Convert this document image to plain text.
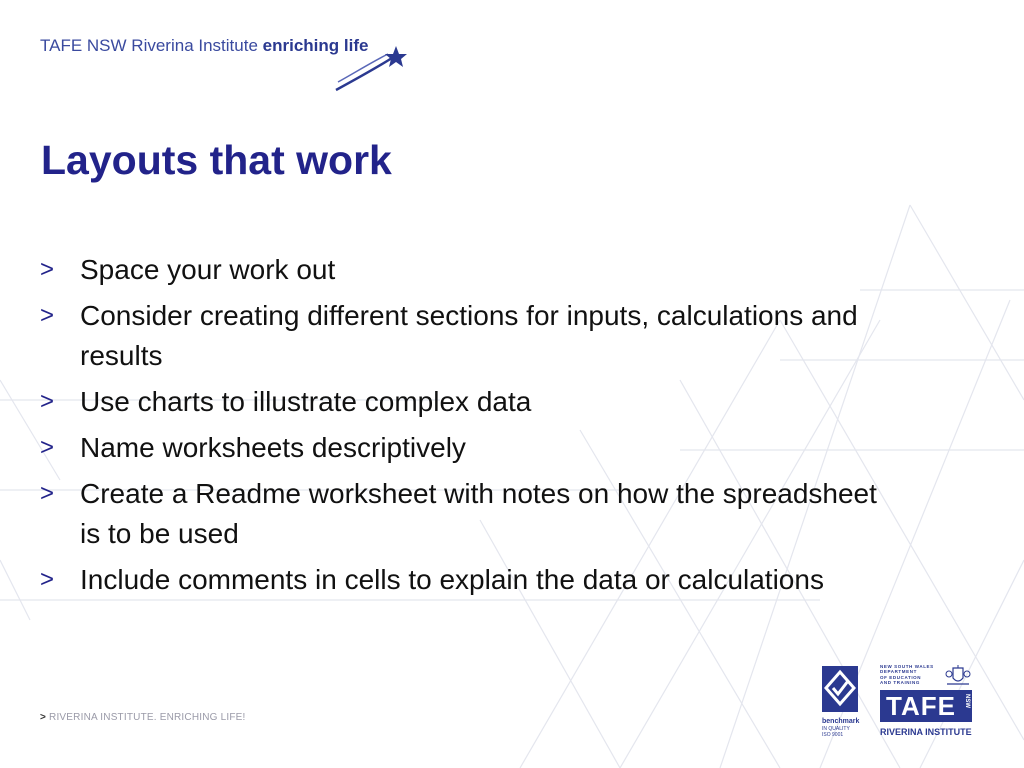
TAFE NSW Riverina Institute enriching life
Layouts that work
> Space your work out
> Consider creating different sections for inputs, calculations and results
> Use charts to illustrate complex data
> Name worksheets descriptively
> Create a Readme worksheet with notes on how the spreadsheet is to be used
> Include comments in cells to explain the data or calculations
> RIVERINA INSTITUTE. ENRICHING LIFE!	benchmark
IN QUALITY
ISO 9001
NEW SOUTH WALES
DEPARTMENT
OF EDUCATION
AND TRAINING
TAFE NSW
RIVERINA INSTITUTE
